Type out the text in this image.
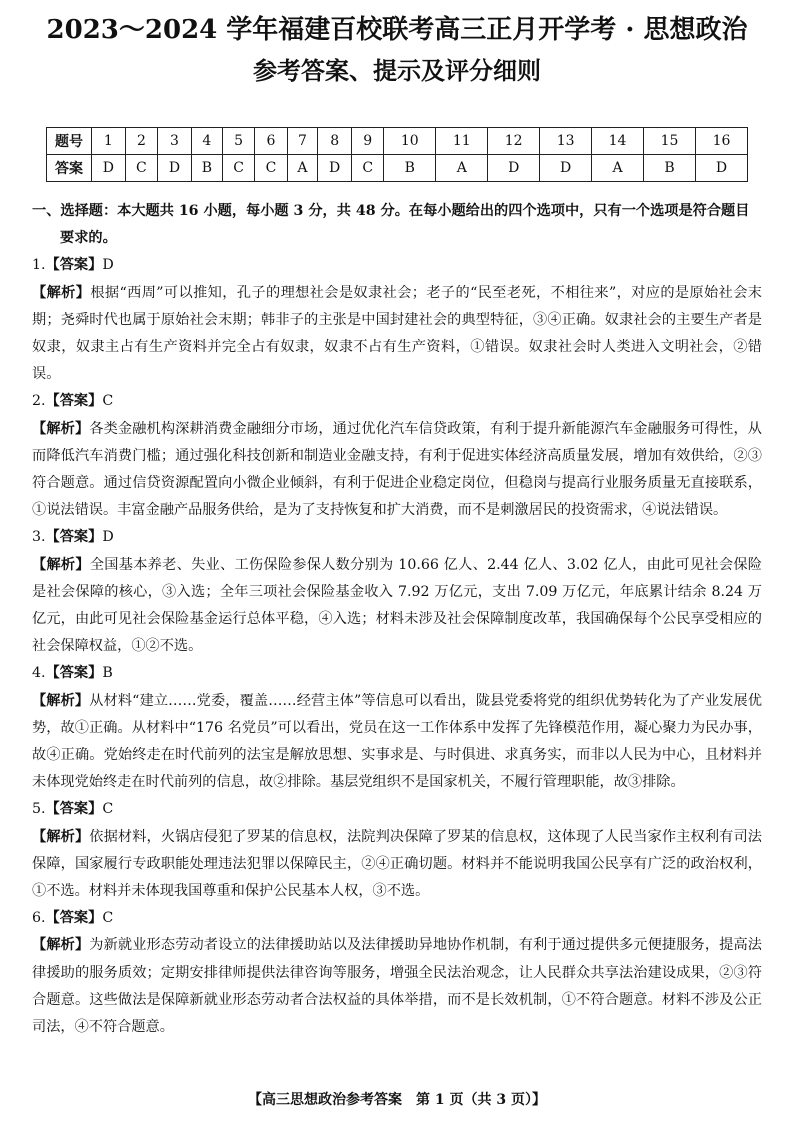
2023～2024 学年福建百校联考高三正月开学考 · 思想政治
参考答案、提示及评分细则
题号	1	2	3	4	5	6	7	8	9	10	11	12	13	14	15	16
答案	D	C	D	B	C	C	A	D	C	B	A	D	D	A	B	D

一、选择题：本大题共 16 小题，每小题 3 分，共 48 分。在每小题给出的四个选项中，只有一个选项是符合题目
要求的。

1.【答案】D

【解析】根据“西周”可以推知，孔子的理想社会是奴隶社会；老子的“民至老死，不相往来”，对应的是原始社会末期；尧舜时代也属于原始社会末期；韩非子的主张是中国封建社会的典型特征，③④正确。奴隶社会的主要生产者是奴隶，奴隶主占有生产资料并完全占有奴隶，奴隶不占有生产资料，①错误。奴隶社会时人类进入文明社会，②错误。

2.【答案】C

【解析】各类金融机构深耕消费金融细分市场，通过优化汽车信贷政策，有利于提升新能源汽车金融服务可得性，从而降低汽车消费门槛；通过强化科技创新和制造业金融支持，有利于促进实体经济高质量发展，增加有效供给，②③符合题意。通过信贷资源配置向小微企业倾斜，有利于促进企业稳定岗位，但稳岗与提高行业服务质量无直接联系，①说法错误。丰富金融产品服务供给，是为了支持恢复和扩大消费，而不是刺激居民的投资需求，④说法错误。

3.【答案】D

【解析】全国基本养老、失业、工伤保险参保人数分别为 10.66 亿人、2.44 亿人、3.02 亿人，由此可见社会保险是社会保障的核心，③入选；全年三项社会保险基金收入 7.92 万亿元，支出 7.09 万亿元，年底累计结余 8.24 万亿元，由此可见社会保险基金运行总体平稳，④入选；材料未涉及社会保障制度改革，我国确保每个公民享受相应的社会保障权益，①②不选。

4.【答案】B

【解析】从材料“建立……党委，覆盖……经营主体”等信息可以看出，陇县党委将党的组织优势转化为了产业发展优势，故①正确。从材料中“176 名党员”可以看出，党员在这一工作体系中发挥了先锋模范作用，凝心聚力为民办事，故④正确。党始终走在时代前列的法宝是解放思想、实事求是、与时俱进、求真务实，而非以人民为中心，且材料并未体现党始终走在时代前列的信息，故②排除。基层党组织不是国家机关，不履行管理职能，故③排除。

5.【答案】C

【解析】依据材料，火锅店侵犯了罗某的信息权，法院判决保障了罗某的信息权，这体现了人民当家作主权利有司法保障，国家履行专政职能处理违法犯罪以保障民主，②④正确切题。材料并不能说明我国公民享有广泛的政治权利，①不选。材料并未体现我国尊重和保护公民基本人权，③不选。

6.【答案】C

【解析】为新就业形态劳动者设立的法律援助站以及法律援助异地协作机制，有利于通过提供多元便捷服务，提高法律援助的服务质效；定期安排律师提供法律咨询等服务，增强全民法治观念，让人民群众共享法治建设成果，②③符合题意。这些做法是保障新就业形态劳动者合法权益的具体举措，而不是长效机制，①不符合题意。材料不涉及公正司法，④不符合题意。

【高三思想政治参考答案　第 1 页（共 3 页）】
